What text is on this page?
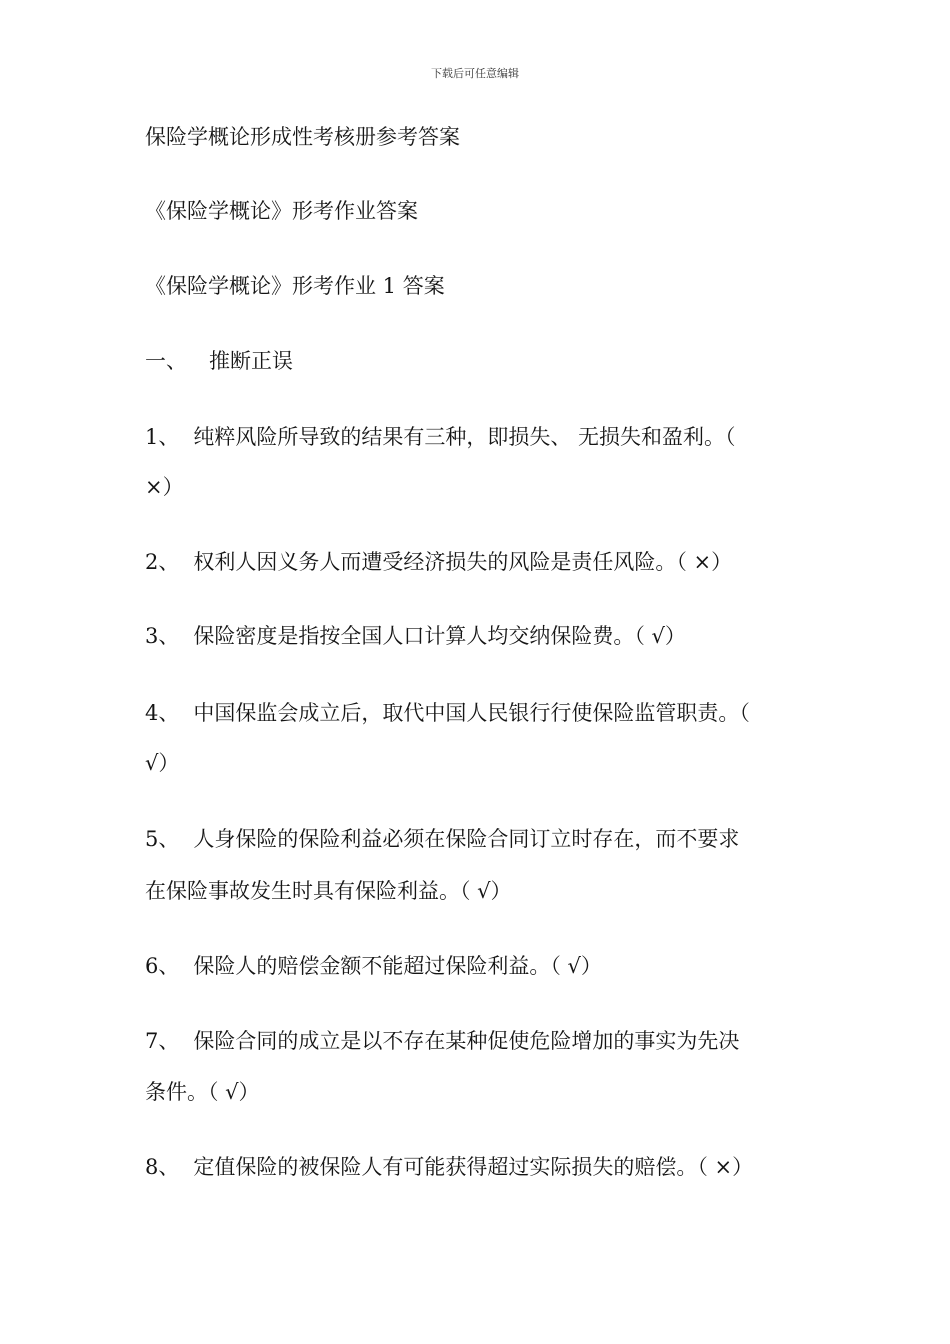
下载后可任意编辑
保险学概论形成性考核册参考答案
《保险学概论》形考作业答案
《保险学概论》形考作业 1 答案
一、 推断正误
1、 纯粹风险所导致的结果有三种，即损失、 无损失和盈利。（
×）
2、 权利人因义务人而遭受经济损失的风险是责任风险。（ ×）
3、 保险密度是指按全国人口计算人均交纳保险费。（ √）
4、 中国保监会成立后，取代中国人民银行行使保险监管职责。（
√）
5、 人身保险的保险利益必须在保险合同订立时存在，而不要求
在保险事故发生时具有保险利益。（ √）
6、 保险人的赔偿金额不能超过保险利益。（ √）
7、 保险合同的成立是以不存在某种促使危险增加的事实为先决
条件。（ √）
8、 定值保险的被保险人有可能获得超过实际损失的赔偿。（ ×）
